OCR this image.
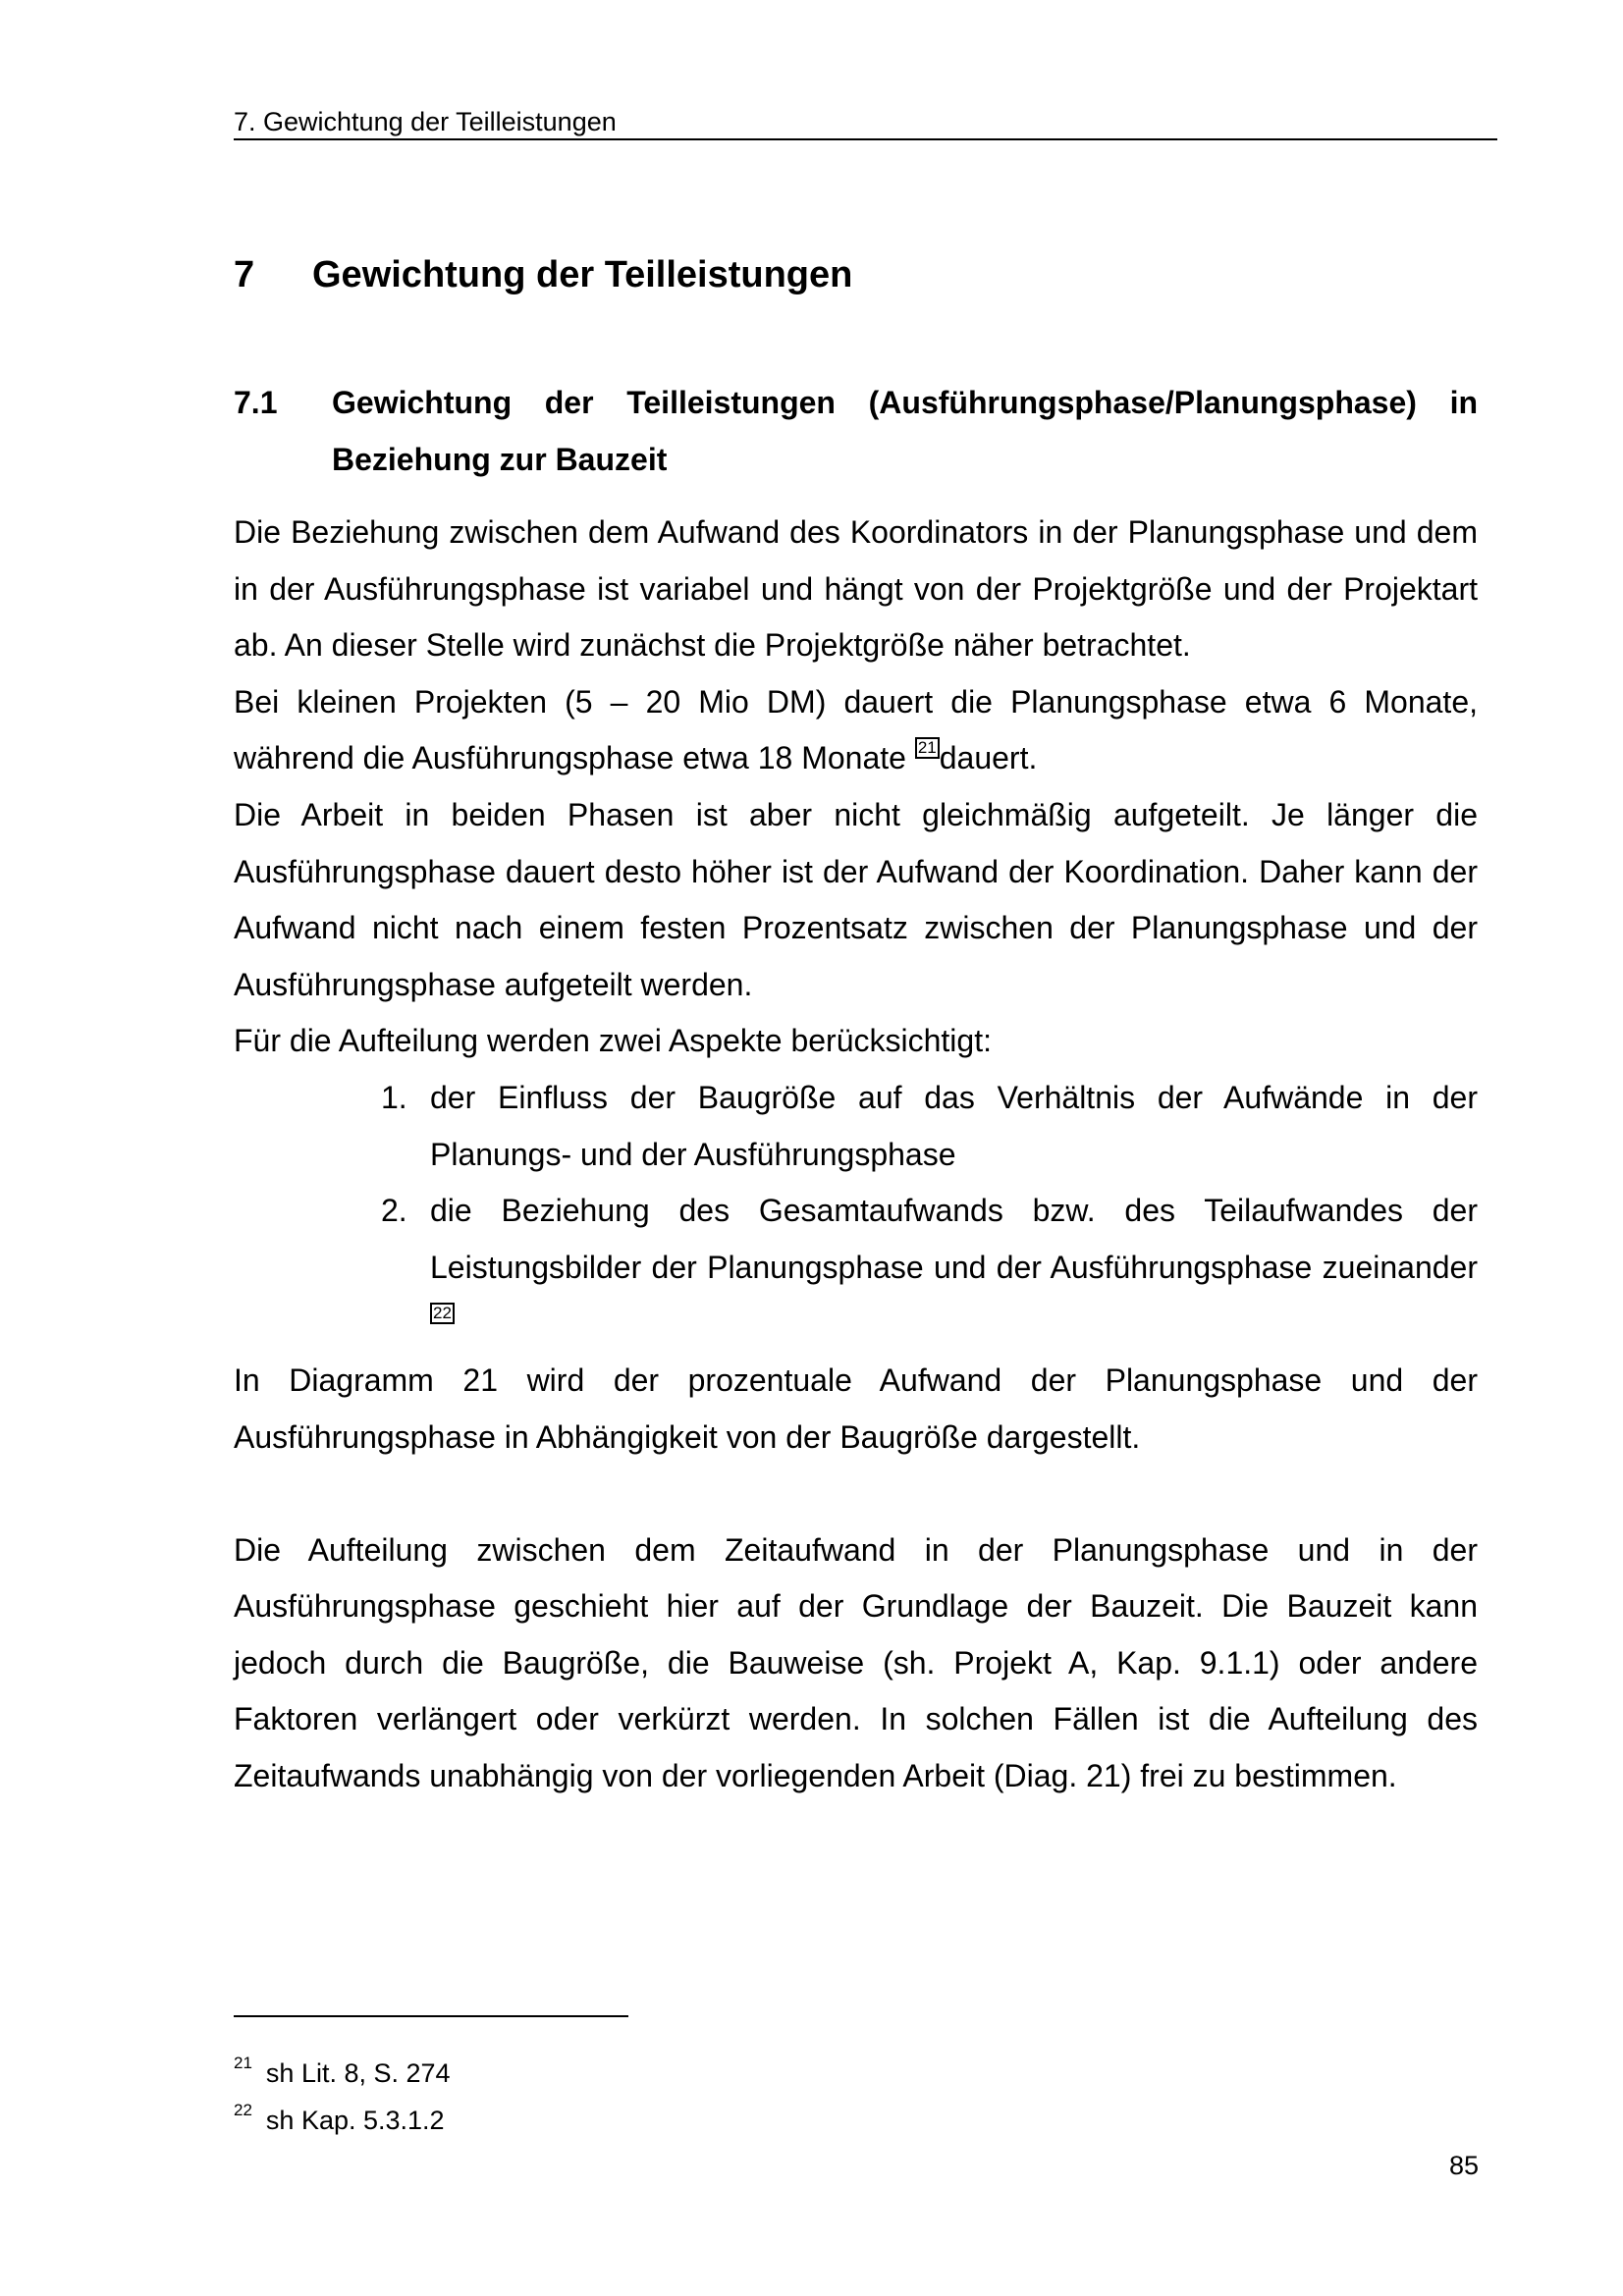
7. Gewichtung der Teilleistungen
7 Gewichtung der Teilleistungen
7.1 Gewichtung der Teilleistungen (Ausführungsphase/Planungsphase) in
Beziehung zur Bauzeit

Die Beziehung zwischen dem Aufwand des Koordinators in der Planungsphase und dem in der Ausführungsphase ist variabel und hängt von der Projektgröße und der Projektart ab. An dieser Stelle wird zunächst die Projektgröße näher betrachtet.

Bei kleinen Projekten (5 – 20 Mio DM) dauert die Planungsphase etwa 6 Monate, während die Ausführungsphase etwa 18 Monate 21dauert.

Die Arbeit in beiden Phasen ist aber nicht gleichmäßig aufgeteilt. Je länger die Ausführungsphase dauert desto höher ist der Aufwand der Koordination. Daher kann der Aufwand nicht nach einem festen Prozentsatz zwischen der Planungsphase und der Ausführungsphase aufgeteilt werden.

Für die Aufteilung werden zwei Aspekte berücksichtigt:

1. der Einfluss der Baugröße auf das Verhältnis der Aufwände in der Planungs- und der Ausführungsphase
2. die Beziehung des Gesamtaufwands bzw. des Teilaufwandes der Leistungsbilder der Planungsphase und der Ausführungsphase zueinander22

In Diagramm 21 wird der prozentuale Aufwand der Planungsphase und der Ausführungsphase in Abhängigkeit von der Baugröße dargestellt.

Die Aufteilung zwischen dem Zeitaufwand in der Planungsphase und in der Ausführungsphase geschieht hier auf der Grundlage der Bauzeit. Die Bauzeit kann jedoch durch die Baugröße, die Bauweise (sh. Projekt A, Kap. 9.1.1) oder andere Faktoren verlängert oder verkürzt werden. In solchen Fällen ist die Aufteilung des Zeitaufwands unabhängig von der vorliegenden Arbeit (Diag. 21) frei zu bestimmen.

$^{21}$ sh Lit. 8, S. 274
$^{22}$ sh Kap. 5.3.1.2
85
